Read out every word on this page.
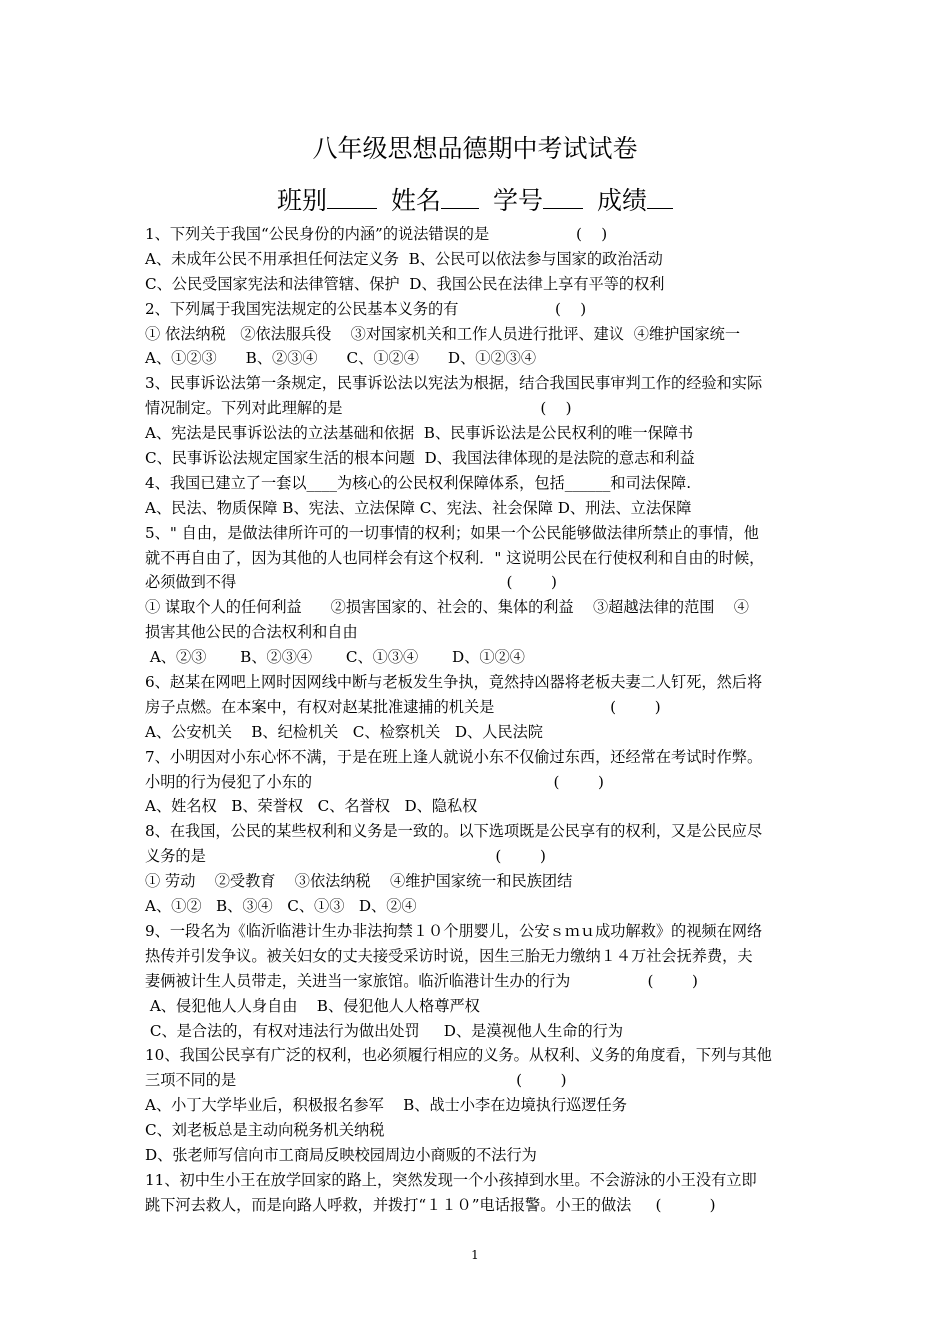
八年级思想品德期中考试试卷
班别	姓名 学号 成绩
1、下列关于我国“公民身份的内涵”的说法错误的是                  (    )
A、未成年公民不用承担任何法定义务  B、公民可以依法参与国家的政治活动
C、公民受国家宪法和法律管辖、保护  D、我国公民在法律上享有平等的权利
2、下列属于我国宪法规定的公民基本义务的有                    (    )
① 依法纳税   ②依法服兵役    ③对国家机关和工作人员进行批评、建议  ④维护国家统一
A、①②③      B、②③④      C、①②④      D、①②③④
3、民事诉讼法第一条规定，民事诉讼法以宪法为根据，结合我国民事审判工作的经验和实际
情况制定。下列对此理解的是                                         (    )
A、宪法是民事诉讼法的立法基础和依据  B、民事诉讼法是公民权利的唯一保障书
C、民事诉讼法规定国家生活的根本问题  D、我国法律体现的是法院的意志和利益
4、我国已建立了一套以____为核心的公民权利保障体系，包括______和司法保障.
A、民法、物质保障 B、宪法、立法保障 C、宪法、社会保障 D、刑法、立法保障
5、" 自由，是做法律所许可的一切事情的权利；如果一个公民能够做法律所禁止的事情，他
就不再自由了，因为其他的人也同样会有这个权利．" 这说明公民在行使权利和自由的时候，
必须做到不得                                                        (        )
① 谋取个人的任何利益      ②损害国家的、社会的、集体的利益    ③超越法律的范围    ④
损害其他公民的合法权利和自由
A、②③       B、②③④       C、①③④       D、①②④
6、赵某在网吧上网时因网线中断与老板发生争执，竟然持凶器将老板夫妻二人钉死，然后将
房子点燃。在本案中，有权对赵某批准逮捕的机关是                        (        )
A、公安机关    B、纪检机关   C、检察机关   D、人民法院
7、小明因对小东心怀不满，于是在班上逢人就说小东不仅偷过东西，还经常在考试时作弊。
小明的行为侵犯了小东的                                                  (        )
A、姓名权   B、荣誉权   C、名誉权   D、隐私权
8、在我国，公民的某些权利和义务是一致的。以下选项既是公民享有的权利，又是公民应尽
义务的是                                                            (        )
① 劳动    ②受教育    ③依法纳税    ④维护国家统一和民族团结
A、①②   B、③④   C、①③   D、②④
9、一段名为《临沂临港计生办非法拘禁１０个朋婴儿，公安ｓｍｕ成功解救》的视频在网络
热传并引发争议。被关妇女的丈夫接受采访时说，因生三胎无力缴纳１４万社会抚养费，夫
妻俩被计生人员带走，关进当一家旅馆。临沂临港计生办的行为                (        )
A、侵犯他人人身自由    B、侵犯他人人格尊严权
C、是合法的，有权对违法行为做出处罚     D、是漠视他人生命的行为
10、我国公民享有广泛的权利，也必须履行相应的义务。从权利、义务的角度看，下列与其他
三项不同的是                                                          (        )
A、小丁大学毕业后，积极报名参军    B、战士小李在边境执行巡逻任务
C、刘老板总是主动向税务机关纳税
D、张老师写信向市工商局反映校园周边小商贩的不法行为
11、初中生小王在放学回家的路上，突然发现一个小孩掉到水里。不会游泳的小王没有立即
跳下河去救人，而是向路人呼救，并拨打“１１０”电话报警。小王的做法     (          )
1
